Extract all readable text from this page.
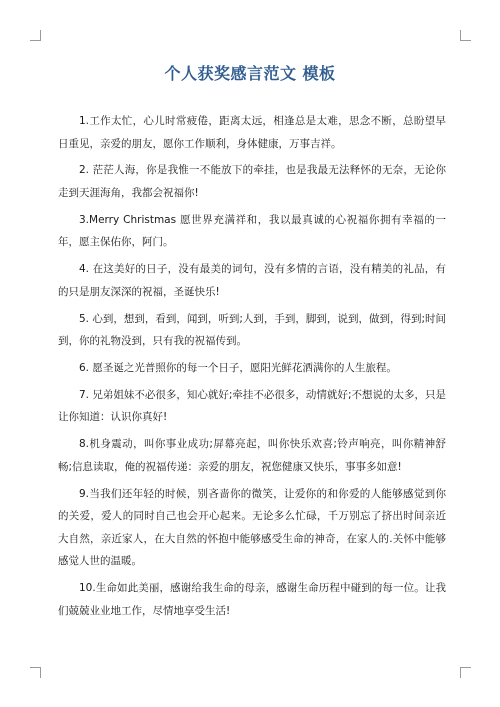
个人获奖感言范文 模板

1.工作太忙，心儿时常疲倦，距离太远，相逢总是太难，思念不断，总盼望早日重见，亲爱的朋友，愿你工作顺利，身体健康，万事吉祥。

2. 茫茫人海，你是我惟一不能放下的牵挂，也是我最无法释怀的无奈，无论你走到天涯海角，我都会祝福你!

3.Merry Christmas 愿世界充满祥和，我以最真诚的心祝福你拥有幸福的一年，愿主保佑你，阿门。

4. 在这美好的日子，没有最美的词句，没有多情的言语，没有精美的礼品，有的只是朋友深深的祝福，圣诞快乐!

5. 心到，想到，看到，闻到，听到;人到，手到，脚到，说到，做到，得到;时间到，你的礼物没到，只有我的祝福传到。

6. 愿圣诞之光普照你的每一个日子，愿阳光鲜花洒满你的人生旅程。

7. 兄弟姐妹不必很多，知心就好;牵挂不必很多，动情就好;不想说的太多，只是让你知道：认识你真好!

8.机身震动，叫你事业成功;屏幕亮起，叫你快乐欢喜;铃声响亮，叫你精神舒畅;信息读取，俺的祝福传递：亲爱的朋友，祝您健康又快乐，事事多如意!

9.当我们还年轻的时候，别吝啬你的微笑，让爱你的和你爱的人能够感觉到你的关爱，爱人的同时自己也会开心起来。无论多么忙碌，千万别忘了挤出时间亲近大自然，亲近家人，在大自然的怀抱中能够感受生命的神奇，在家人的.关怀中能够感觉人世的温暖。

10.生命如此美丽，感谢给我生命的母亲，感谢生命历程中碰到的每一位。让我们兢兢业业地工作，尽情地享受生活!
